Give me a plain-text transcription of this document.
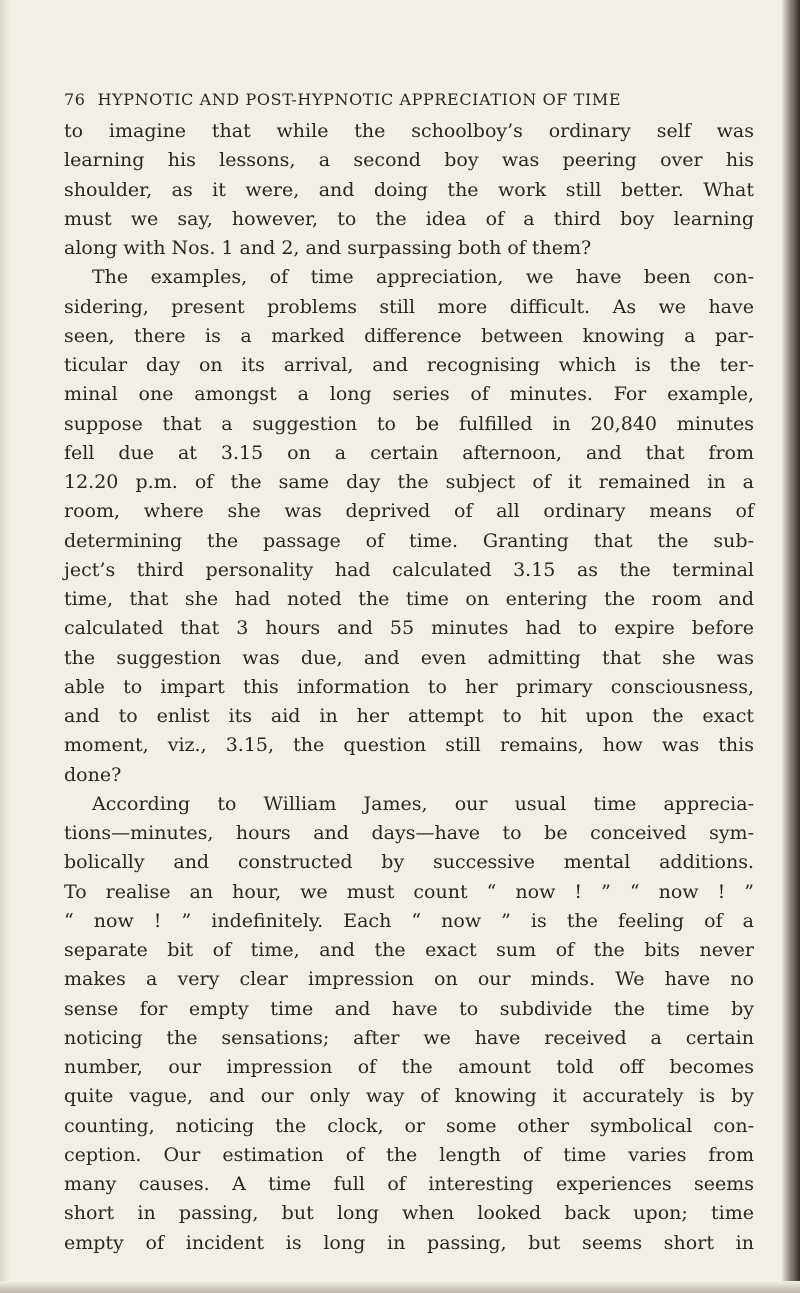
76 HYPNOTIC AND POST-HYPNOTIC APPRECIATION OF TIME
to imagine that while the schoolboy’s ordinary self was
learning his lessons, a second boy was peering over his
shoulder, as it were, and doing the work still better. What
must we say, however, to the idea of a third boy learning
along with Nos. 1 and 2, and surpassing both of them?
The examples, of time appreciation, we have been con-
sidering, present problems still more difficult. As we have
seen, there is a marked difference between knowing a par-
ticular day on its arrival, and recognising which is the ter-
minal one amongst a long series of minutes. For example,
suppose that a suggestion to be fulfilled in 20,840 minutes
fell due at 3.15 on a certain afternoon, and that from
12.20 p.m. of the same day the subject of it remained in a
room, where she was deprived of all ordinary means of
determining the passage of time. Granting that the sub-
ject’s third personality had calculated 3.15 as the terminal
time, that she had noted the time on entering the room and
calculated that 3 hours and 55 minutes had to expire before
the suggestion was due, and even admitting that she was
able to impart this information to her primary consciousness,
and to enlist its aid in her attempt to hit upon the exact
moment, viz., 3.15, the question still remains, how was this
done?
According to William James, our usual time apprecia-
tions—minutes, hours and days—have to be conceived sym-
bolically and constructed by successive mental additions.
To realise an hour, we must count “ now ! ” “ now ! ”
“ now ! ” indefinitely. Each “ now ” is the feeling of a
separate bit of time, and the exact sum of the bits never
makes a very clear impression on our minds. We have no
sense for empty time and have to subdivide the time by
noticing the sensations; after we have received a certain
number, our impression of the amount told off becomes
quite vague, and our only way of knowing it accurately is by
counting, noticing the clock, or some other symbolical con-
ception. Our estimation of the length of time varies from
many causes. A time full of interesting experiences seems
short in passing, but long when looked back upon; time
empty of incident is long in passing, but seems short in
